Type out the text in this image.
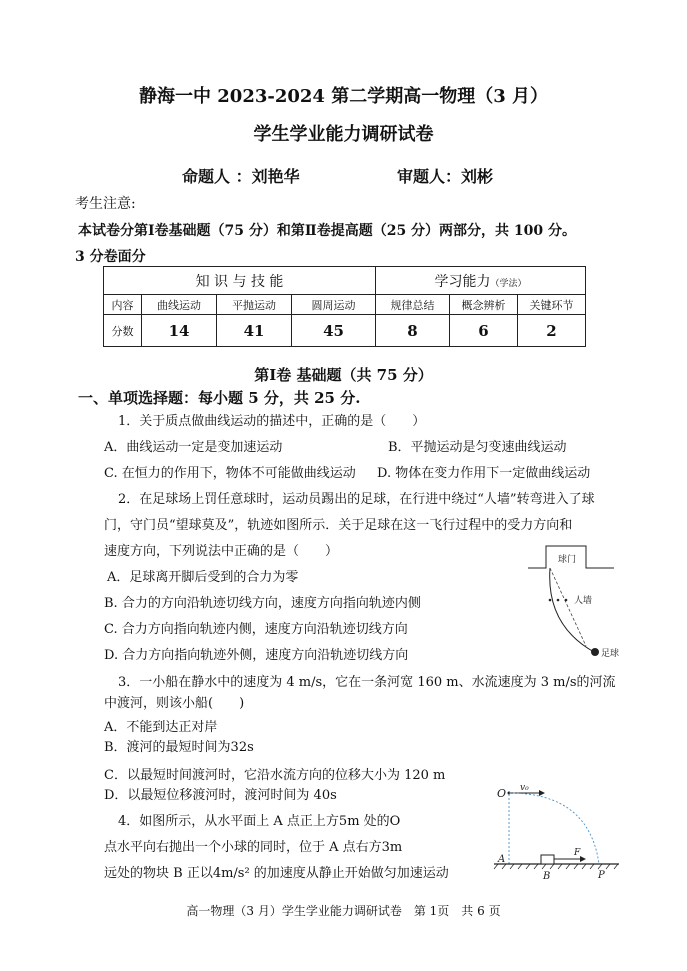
静海一中 2023-2024 第二学期高一物理（3 月）
学生学业能力调研试卷
命题人 ：刘艳华	审题人：刘彬
考生注意:
本试卷分第Ⅰ卷基础题（75 分）和第Ⅱ卷提高题（25 分）两部分，共 100 分。
3 分卷面分
知 识 与 技 能				学习能力（学法）		
内容	曲线运动	平抛运动	圆周运动	规律总结	概念辨析	关键环节
分数	14	41	45	8	6	2
第Ⅰ卷 基础题（共 75 分）
一、单项选择题：每小题 5 分，共 25 分.
1．关于质点做曲线运动的描述中，正确的是（　　）
A．曲线运动一定是变加速运动	B．平抛运动是匀变速曲线运动
C. 在恒力的作用下，物体不可能做曲线运动 D. 物体在变力作用下一定做曲线运动
2．在足球场上罚任意球时，运动员踢出的足球，在行进中绕过“人墙”转弯进入了球
门，守门员“望球莫及”，轨迹如图所示．关于足球在这一飞行过程中的受力方向和
速度方向，下列说法中正确的是（　　）
A．足球离开脚后受到的合力为零
B. 合力的方向沿轨迹切线方向，速度方向指向轨迹内侧
C. 合力方向指向轨迹内侧，速度方向沿轨迹切线方向
D. 合力方向指向轨迹外侧，速度方向沿轨迹切线方向
球门
人墙
足球
3．一小船在静水中的速度为 4 m/s，它在一条河宽 160 m、水流速度为 3 m/s的河流
中渡河，则该小船(　　)
A．不能到达正对岸
B．渡河的最短时间为32s
C．以最短时间渡河时，它沿水流方向的位移大小为 120 m
D．以最短位移渡河时，渡河时间为 40s
4．如图所示，从水平面上 A 点正上方5m 处的O
点水平向右抛出一个小球的同时，位于 A 点右方3m
远处的物块 B 正以4m/s² 的加速度从静止开始做匀加速运动
O v₀
A
F
B	P
高一物理（3 月）学生学业能力调研试卷　第 1页　共 6 页
